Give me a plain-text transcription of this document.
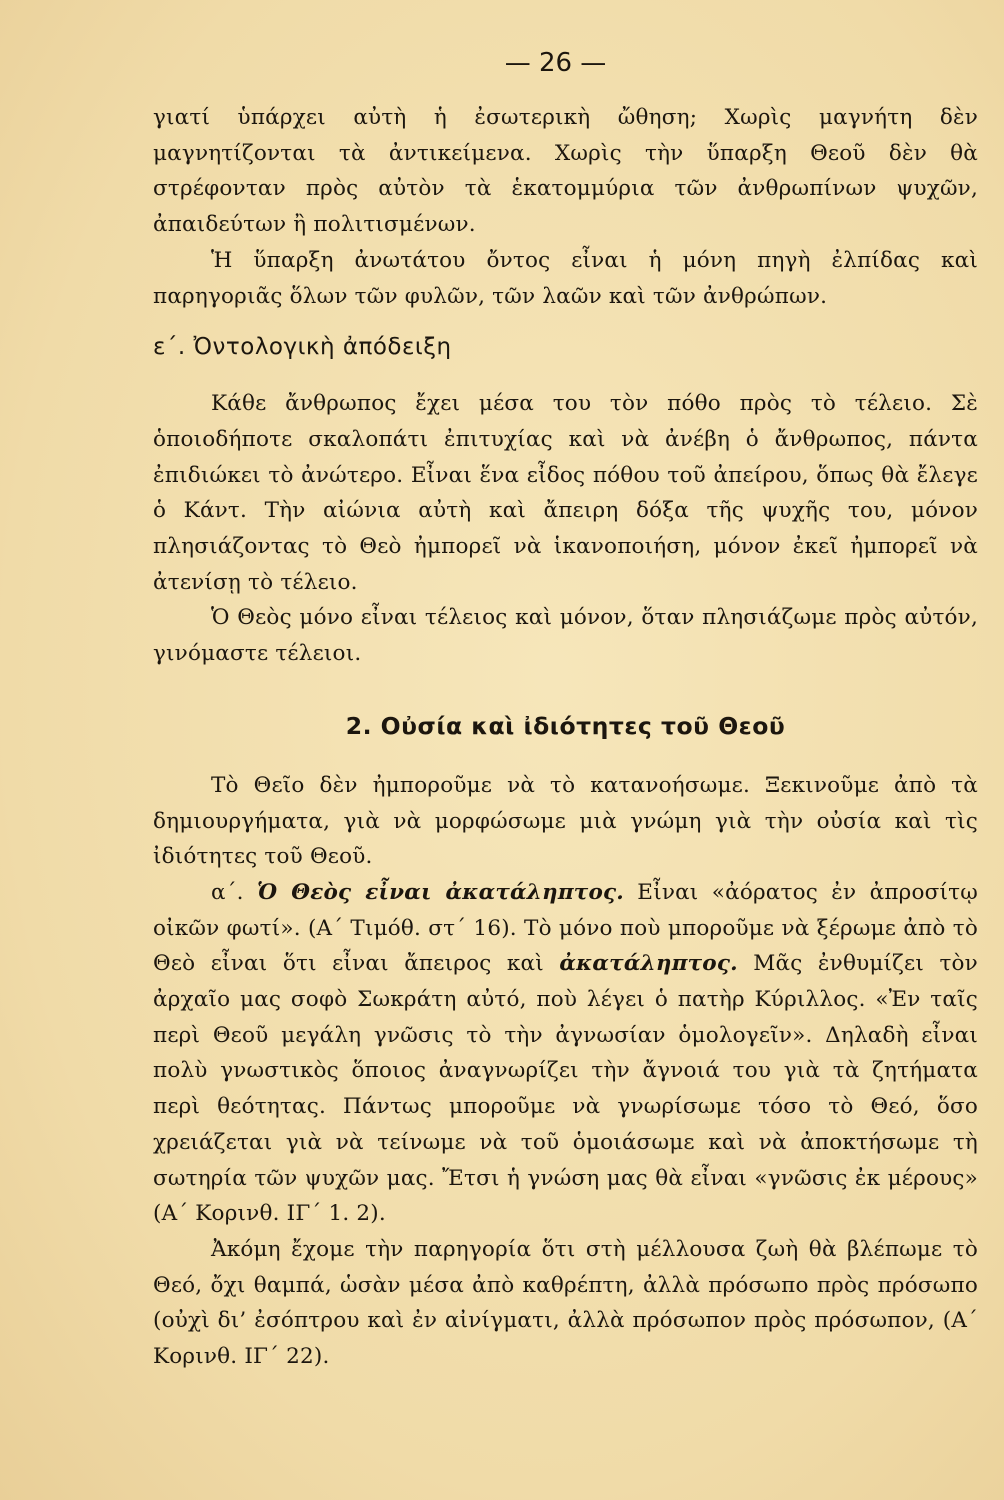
— 26 —

γιατί ὑπάρχει αὐτὴ ἡ ἐσωτερικὴ ὤθηση; Χωρὶς μαγνήτη δὲν μαγνητίζονται τὰ ἀντικείμενα. Χωρὶς τὴν ὕπαρξη Θεοῦ δὲν θὰ στρέφονταν πρὸς αὐτὸν τὰ ἑκατομμύρια τῶν ἀνθρωπίνων ψυχῶν, ἀπαιδεύτων ἢ πολιτισμένων.

Ἡ ὕπαρξη ἀνωτάτου ὄντος εἶναι ἡ μόνη πηγὴ ἐλπίδας καὶ παρηγοριᾶς ὅλων τῶν φυλῶν, τῶν λαῶν καὶ τῶν ἀνθρώπων.

ε΄. Ὀντολογικὴ ἀπόδειξη

Κάθε ἄνθρωπος ἔχει μέσα του τὸν πόθο πρὸς τὸ τέλειο. Σὲ ὁποιοδήποτε σκαλοπάτι ἐπιτυχίας καὶ νὰ ἀνέβη ὁ ἄνθρωπος, πάντα ἐπιδιώκει τὸ ἀνώτερο. Εἶναι ἕνα εἶδος πόθου τοῦ ἀπείρου, ὅπως θὰ ἔλεγε ὁ Κάντ. Τὴν αἰώνια αὐτὴ καὶ ἄπειρη δόξα τῆς ψυχῆς του, μόνον πλησιάζοντας τὸ Θεὸ ἠμπορεῖ νὰ ἱκανοποιήση, μόνον ἐκεῖ ἠμπορεῖ νὰ ἀτενίσῃ τὸ τέλειο.

Ὁ Θεὸς μόνο εἶναι τέλειος καὶ μόνον, ὅταν πλησιάζωμε πρὸς αὐτόν, γινόμαστε τέλειοι.

2. Οὐσία καὶ ἰδιότητες τοῦ Θεοῦ

Τὸ Θεῖο δὲν ἠμποροῦμε νὰ τὸ κατανοήσωμε. Ξεκινοῦμε ἀπὸ τὰ δημιουργήματα, γιὰ νὰ μορφώσωμε μιὰ γνώμη γιὰ τὴν οὐσία καὶ τὶς ἰδιότητες τοῦ Θεοῦ.

α΄. Ὁ Θεὸς εἶναι ἀκατάληπτος. Εἶναι «ἀόρατος ἐν ἀπροσίτῳ οἰκῶν φωτί». (Α΄ Τιμόθ. στ΄ 16). Τὸ μόνο ποὺ μποροῦμε νὰ ξέρωμε ἀπὸ τὸ Θεὸ εἶναι ὅτι εἶναι ἄπειρος καὶ ἀκατάληπτος. Μᾶς ἐνθυμίζει τὸν ἀρχαῖο μας σοφὸ Σωκράτη αὐτό, ποὺ λέγει ὁ πατὴρ Κύριλλος. «Ἐν ταῖς περὶ Θεοῦ μεγάλη γνῶσις τὸ τὴν ἀγνωσίαν ὁμολογεῖν». Δηλαδὴ εἶναι πολὺ γνωστικὸς ὅποιος ἀναγνωρίζει τὴν ἄγνοιά του γιὰ τὰ ζητήματα περὶ θεότητας. Πάντως μποροῦμε νὰ γνωρίσωμε τόσο τὸ Θεό, ὅσο χρειάζεται γιὰ νὰ τείνωμε νὰ τοῦ ὁμοιάσωμε καὶ νὰ ἀποκτήσωμε τὴ σωτηρία τῶν ψυχῶν μας. Ἔτσι ἡ γνώση μας θὰ εἶναι «γνῶσις ἐκ μέρους» (Α΄ Κορινθ. ΙΓ΄ 1. 2).

Ἀκόμη ἔχομε τὴν παρηγορία ὅτι στὴ μέλλουσα ζωὴ θὰ βλέπωμε τὸ Θεό, ὄχι θαμπά, ὡσὰν μέσα ἀπὸ καθρέπτη, ἀλλὰ πρόσωπο πρὸς πρόσωπο (οὐχὶ δι’ ἐσόπτρου καὶ ἐν αἰνίγματι, ἀλλὰ πρόσωπον πρὸς πρόσωπον, (Α΄ Κορινθ. ΙΓ΄ 22).
